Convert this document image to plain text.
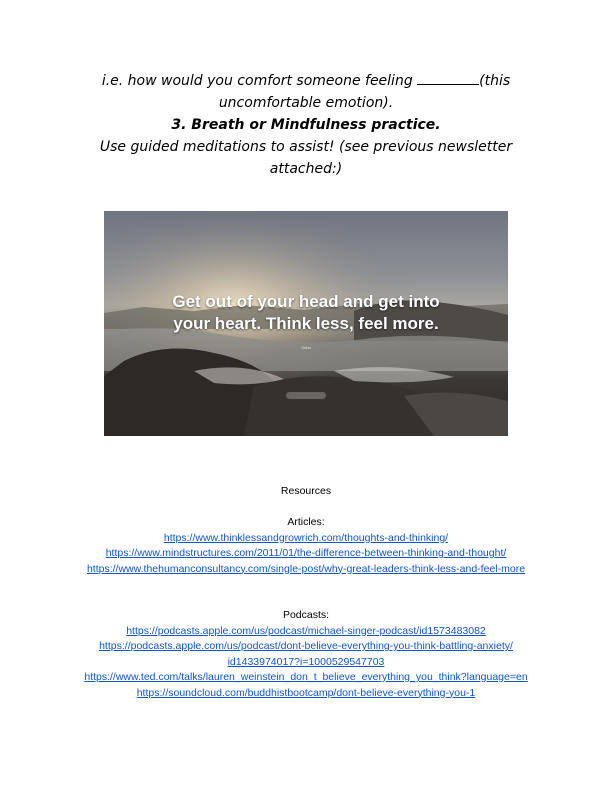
i.e. how would you comfort someone feeling	(this uncomfortable emotion).

3. Breath or Mindfulness practice.

Use guided meditations to assist! (see previous newsletter attached:)

Get out of your head and get into
your heart. Think less, feel more.
Osho

Resources

Articles:

https://www.thinklessandgrowrich.com/thoughts-and-thinking/

https://www.mindstructures.com/2011/01/the-difference-between-thinking-and-thought/

https://www.thehumanconsultancy.com/single-post/why-great-leaders-think-less-and-feel-more

Podcasts:

https://podcasts.apple.com/us/podcast/michael-singer-podcast/id1573483082

https://podcasts.apple.com/us/podcast/dont-believe-everything-you-think-battling-anxiety/id1433974017?i=1000529547703

https://www.ted.com/talks/lauren_weinstein_don_t_believe_everything_you_think?language=en

https://soundcloud.com/buddhistbootcamp/dont-believe-everything-you-1
